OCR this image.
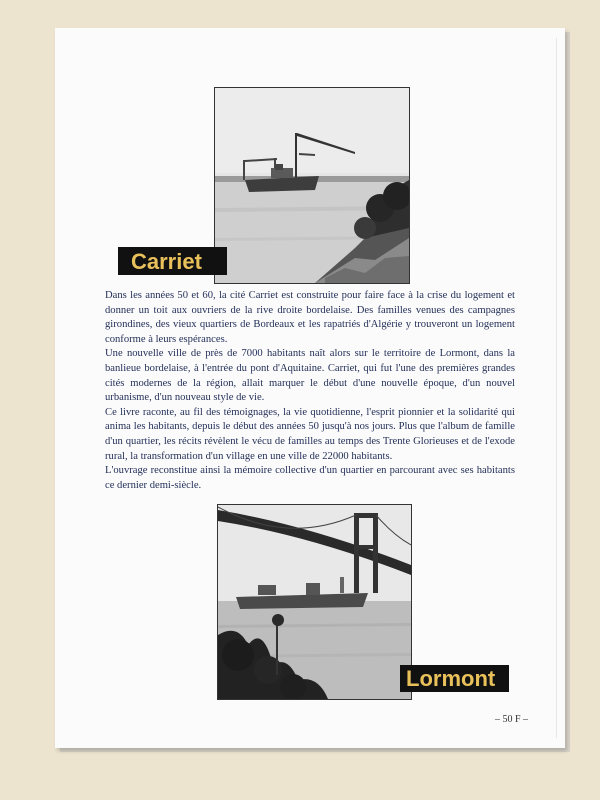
Carriet

Dans les années 50 et 60, la cité Carriet est construite pour faire face à la crise du logement et donner un toit aux ouvriers de la rive droite bordelaise. Des familles venues des campagnes girondines, des vieux quartiers de Bordeaux et les rapatriés d'Algérie y trouveront un logement conforme à leurs espérances.

Une nouvelle ville de près de 7000 habitants naît alors sur le territoire de Lormont, dans la banlieue bordelaise, à l'entrée du pont d'Aquitaine. Carriet, qui fut l'une des premières grandes cités modernes de la région, allait marquer le début d'une nouvelle époque, d'un nouvel urbanisme, d'un nouveau style de vie.

Ce livre raconte, au fil des témoignages, la vie quotidienne, l'esprit pionnier et la solidarité qui anima les habitants, depuis le début des années 50 jusqu'à nos jours. Plus que l'album de famille d'un quartier, les récits révèlent le vécu de familles au temps des Trente Glorieuses et de l'exode rural, la transformation d'un village en une ville de 22000 habitants.

L'ouvrage reconstitue ainsi la mémoire collective d'un quartier en parcourant avec ses habitants ce dernier demi-siècle.

Lormont
– 50 F –
